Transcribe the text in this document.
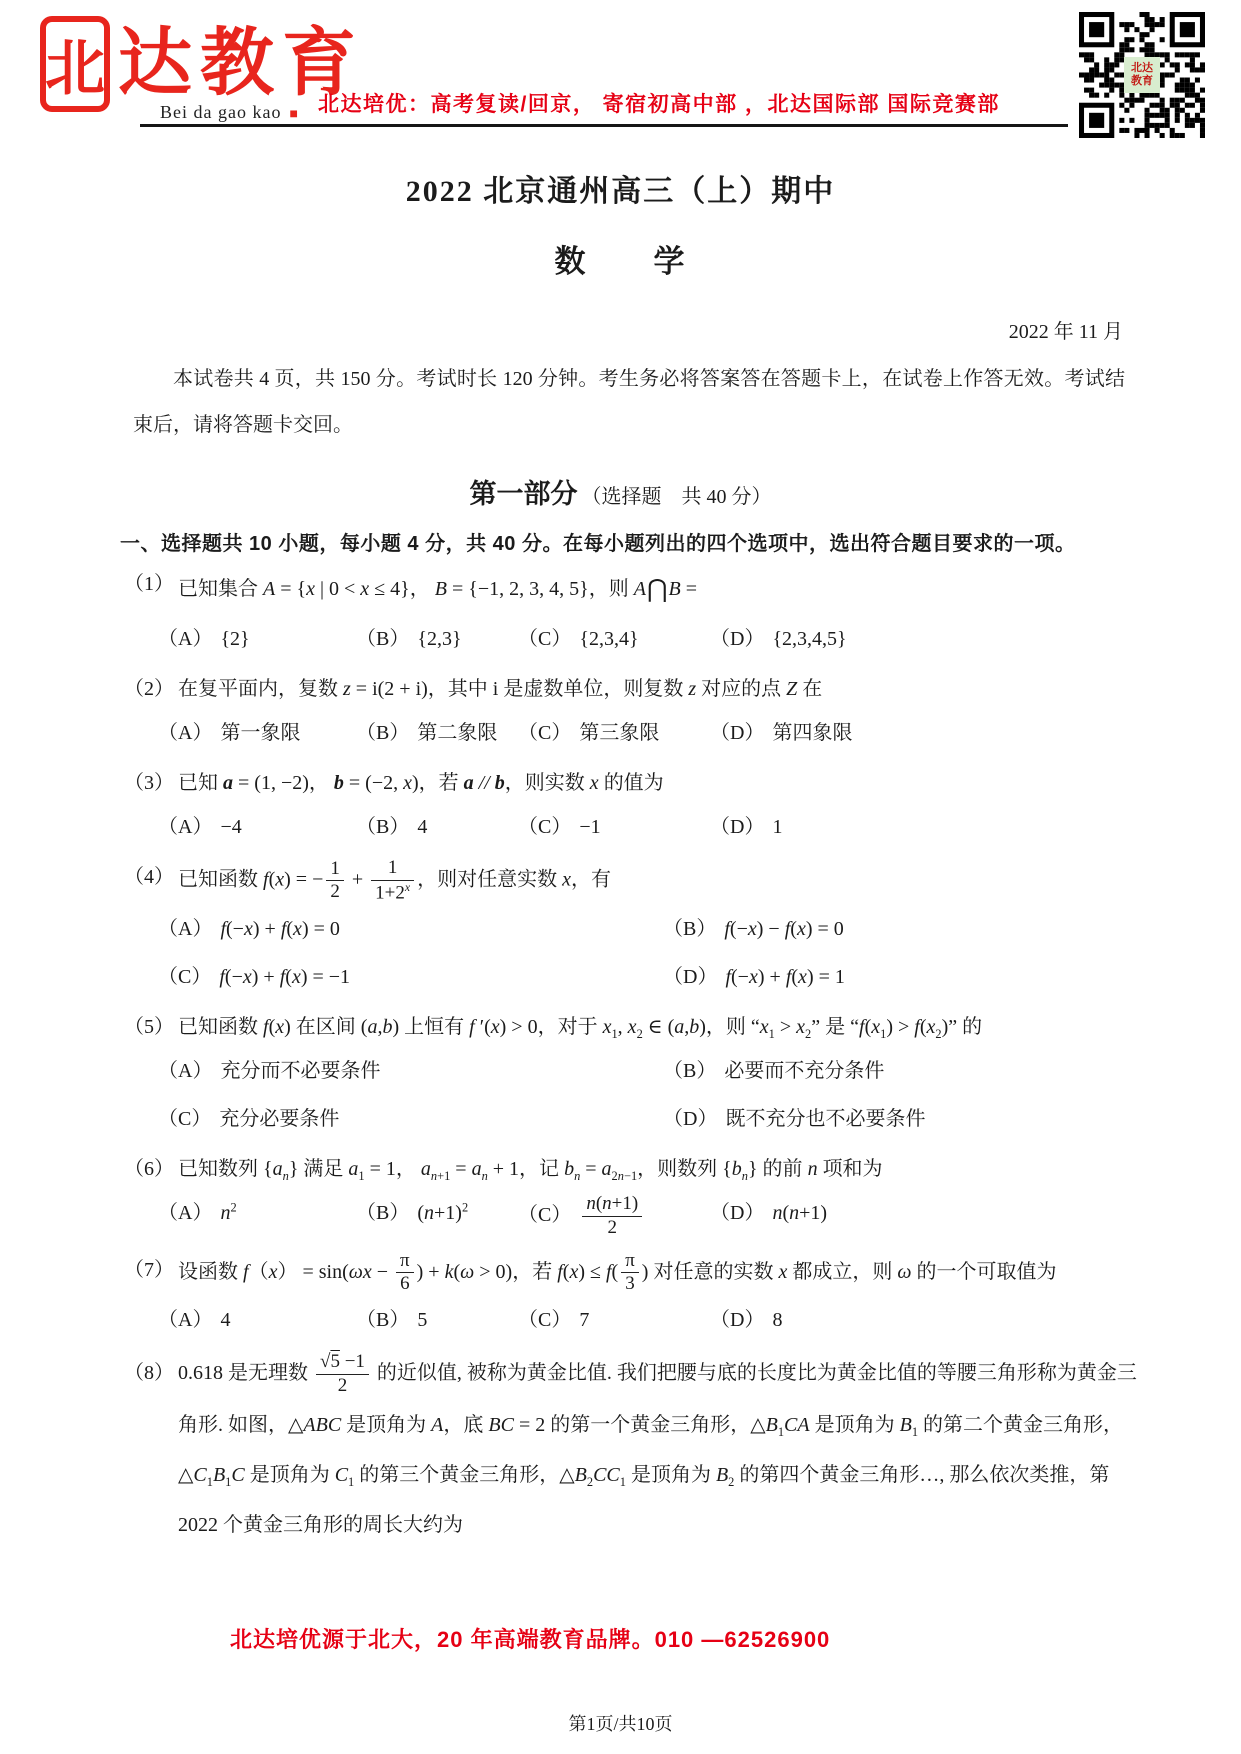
北 达教育
Bei da gao kao ■ 北达培优：高考复读/回京， 寄宿初高中部 ，北达国际部 国际竞赛部
北达
教育
2022 北京通州高三（上）期中
数　　学
2022 年 11 月

本试卷共 4 页，共 150 分。考试时长 120 分钟。考生务必将答案答在答题卡上，在试卷上作答无效。考试结束后，请将答题卡交回。

第一部分 （选择题　共 40 分）
一、选择题共 10 小题，每小题 4 分，共 40 分。在每小题列出的四个选项中，选出符合题目要求的一项。
（1） 已知集合 A = {x | 0 < x ≤ 4}， B = {−1, 2, 3, 4, 5}，则 A⋂B =
（A） {2}	（B） {2,3}	（C） {2,3,4}	（D） {2,3,4,5}
（2） 在复平面内，复数 z = i(2 + i)，其中 i 是虚数单位，则复数 z 对应的点 Z 在
（A） 第一象限	（B） 第二象限	（C） 第三象限	（D） 第四象限
（3） 已知 a = (1, −2)， b = (−2, x)，若 a // b，则实数 x 的值为
（A） −4	（B） 4	（C） −1	（D） 1
（4） 已知函数 f(x) = − $\frac{1}{2} + \frac{1}{1+2^x}$ ，则对任意实数 x，有
（A） f(−x) + f(x) = 0	（B） f(−x) − f(x) = 0
（C） f(−x) + f(x) = −1	（D） f(−x) + f(x) = 1
（5） 已知函数 f(x) 在区间 (a,b) 上恒有 f ′(x) > 0，对于 $x_1$, $x_2$ ∈ (a,b)，则 “$x_1 > x_2$” 是 “$f(x_1) > f(x_2)$” 的
（A） 充分而不必要条件	（B） 必要而不充分条件
（C） 充分必要条件	（D） 既不充分也不必要条件
（6） 已知数列 $\{a_n\}$ 满足 $a_1 = 1$， $a_{n+1} = a_n + 1$，记 $b_n = a_{2n-1}$，则数列 $\{b_n\}$ 的前 n 项和为
（A） $n^2$	（B） $(n+1)^2$	$(C) \frac{n(n+1)}{2}$	（D） n(n+1)
（7） 设函数 $f(x) = \sin(\omega x - \frac{\pi}{6}$ ) + k(ω > 0)，若 $f(x) \le f( \frac{\pi}{3}$ ) 对任意的实数 x 都成立，则 ω 的一个可取值为
（A） 4	（B） 5	（C） 7	（D） 8
（8） 0.618 是无理数 $\frac{√5 -1}{2}$ 的近似值, 被称为黄金比值. 我们把腰与底的长度比为黄金比值的等腰三角形称为黄金三角形. 如图，△ABC 是顶角为 A，底 BC = 2 的第一个黄金三角形，$\triangle B_1CA$ 是顶角为 $B_1$ 的第二个黄金三角形，$\triangle C_1B_1C$ 是顶角为 $C_1$ 的第三个黄金三角形，$\triangle B_2CC_1$ 是顶角为 $B_2$ 的第四个黄金三角形…, 那么依次类推，第 2022 个黄金三角形的周长大约为
北达培优源于北大，20 年高端教育品牌。010 —62526900
第1页/共10页
